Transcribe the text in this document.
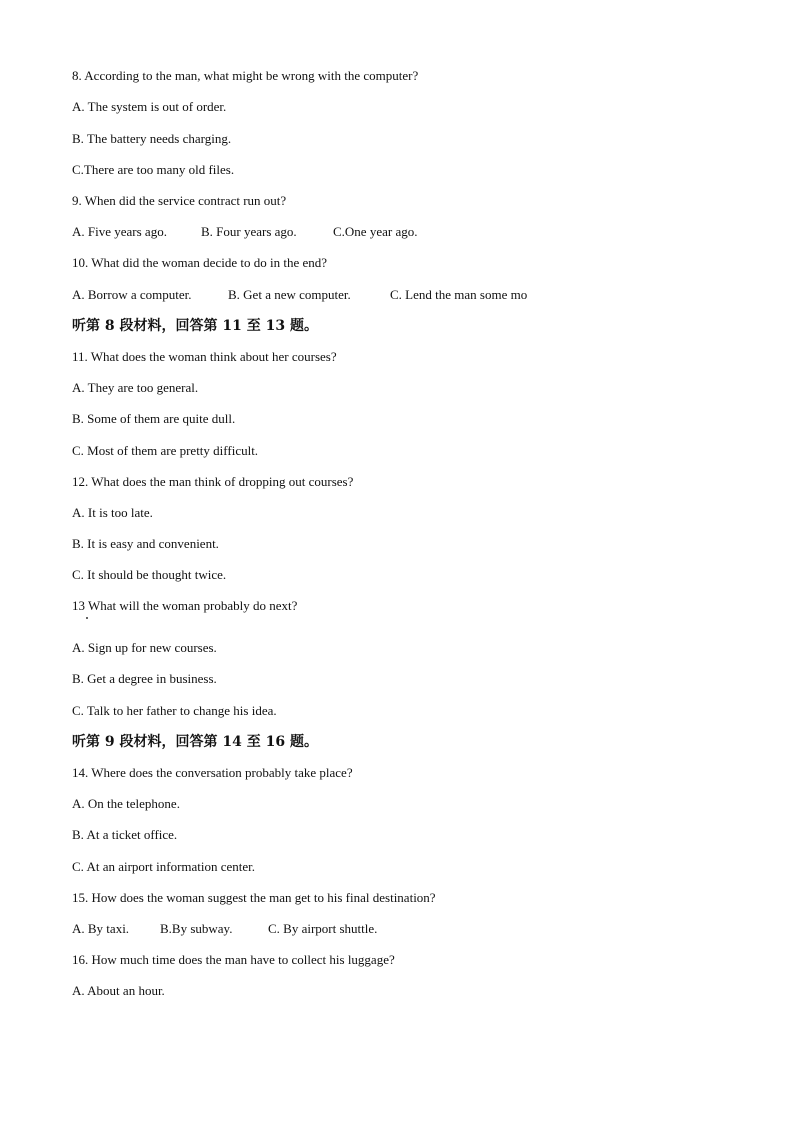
8. According to the man, what might be wrong with the computer?
A. The system is out of order.
B. The battery needs charging.
C.There are too many old files.
9. When did the service contract run out?
A. Five years ago.	B. Four years ago.	C.One year ago.
10. What did the woman decide to do in the end?
A. Borrow a computer.	B. Get a new computer.	C. Lend the man some mo
听第 8 段材料，回答第 11 至 13 题。
11. What does the woman think about her courses?
A. They are too general.
B. Some of them are quite dull.
C. Most of them are pretty difficult.
12. What does the man think of dropping out courses?
A. It is too late.
B. It is easy and convenient.
C. It should be thought twice.
13 What will the woman probably do next?
A. Sign up for new courses.
B. Get a degree in business.
C. Talk to her father to change his idea.
听第 9 段材料，回答第 14 至 16 题。
14. Where does the conversation probably take place?
A. On the telephone.
B. At a ticket office.
C. At an airport information center.
15. How does the woman suggest the man get to his final destination?
A. By taxi. B.By subway.	C. By airport shuttle.
16. How much time does the man have to collect his luggage?
A. About an hour.
